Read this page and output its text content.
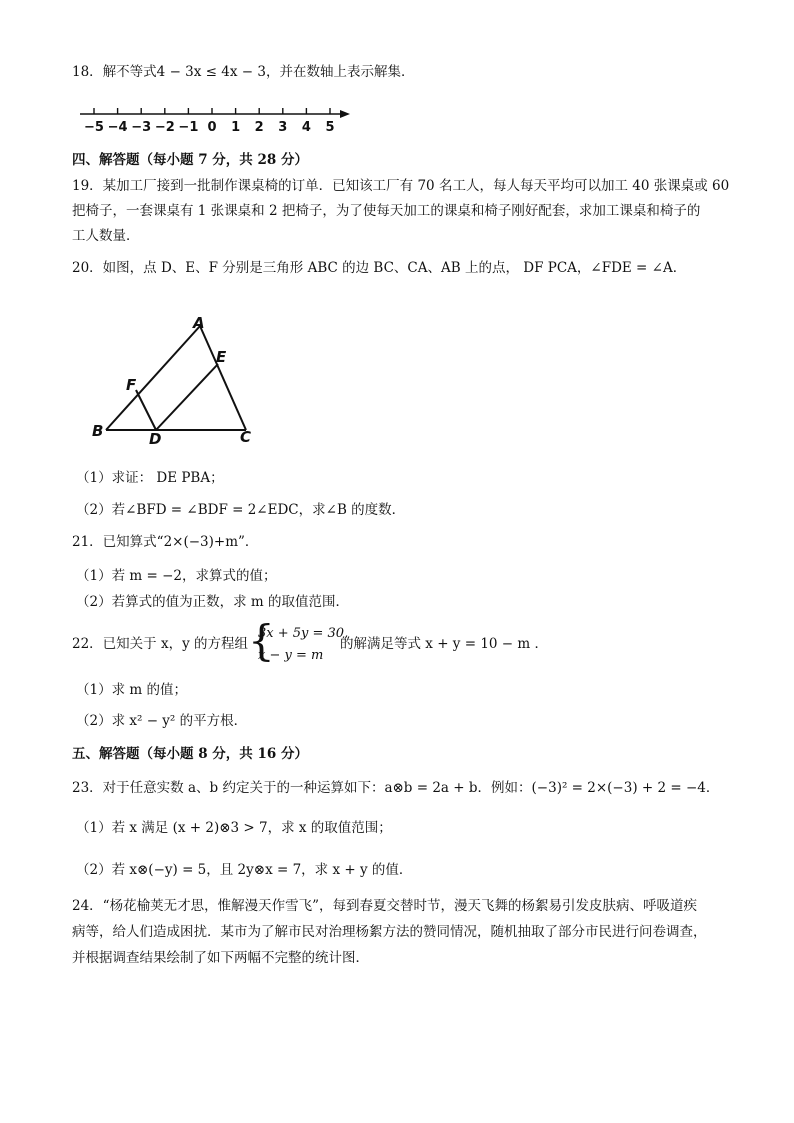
18．解不等式4 − 3x ≤ 4x − 3，并在数轴上表示解集．
−5 −4 −3 −2 −1 0 1 2 3 4 5
四、解答题（每小题 7 分，共 28 分）
19．某加工厂接到一批制作课桌椅的订单．已知该工厂有 70 名工人，每人每天平均可以加工 40 张课桌或 60
把椅子，一套课桌有 1 张课桌和 2 把椅子，为了使每天加工的课桌和椅子刚好配套，求加工课桌和椅子的
工人数量．
20．如图，点 D、E、F 分别是三角形 ABC 的边 BC、CA、AB 上的点， DF PCA，∠FDE = ∠A．
A
E
F
B	D	C
（1）求证： DE PBA；
（2）若∠BFD = ∠BDF = 2∠EDC，求∠B 的度数．
21．已知算式“2×(−3)+m”．
（1）若 m = −2，求算式的值；
（2）若算式的值为正数，求 m 的取值范围．
22．已知关于 x，y 的方程组 {
3x + 5y = 30,
x − y = m
的解满足等式 x + y = 10 − m ．
（1）求 m 的值；
（2）求 x² − y² 的平方根．
五、解答题（每小题 8 分，共 16 分）
23．对于任意实数 a、b 约定关于的一种运算如下：a⊗b = 2a + b．例如：(−3)² = 2×(−3) + 2 = −4．
（1）若 x 满足 (x + 2)⊗3 > 7，求 x 的取值范围；
（2）若 x⊗(−y) = 5，且 2y⊗x = 7，求 x + y 的值．
24．“杨花榆荚无才思，惟解漫天作雪飞”，每到春夏交替时节，漫天飞舞的杨絮易引发皮肤病、呼吸道疾
病等，给人们造成困扰．某市为了解市民对治理杨絮方法的赞同情况，随机抽取了部分市民进行问卷调查，
并根据调查结果绘制了如下两幅不完整的统计图．
